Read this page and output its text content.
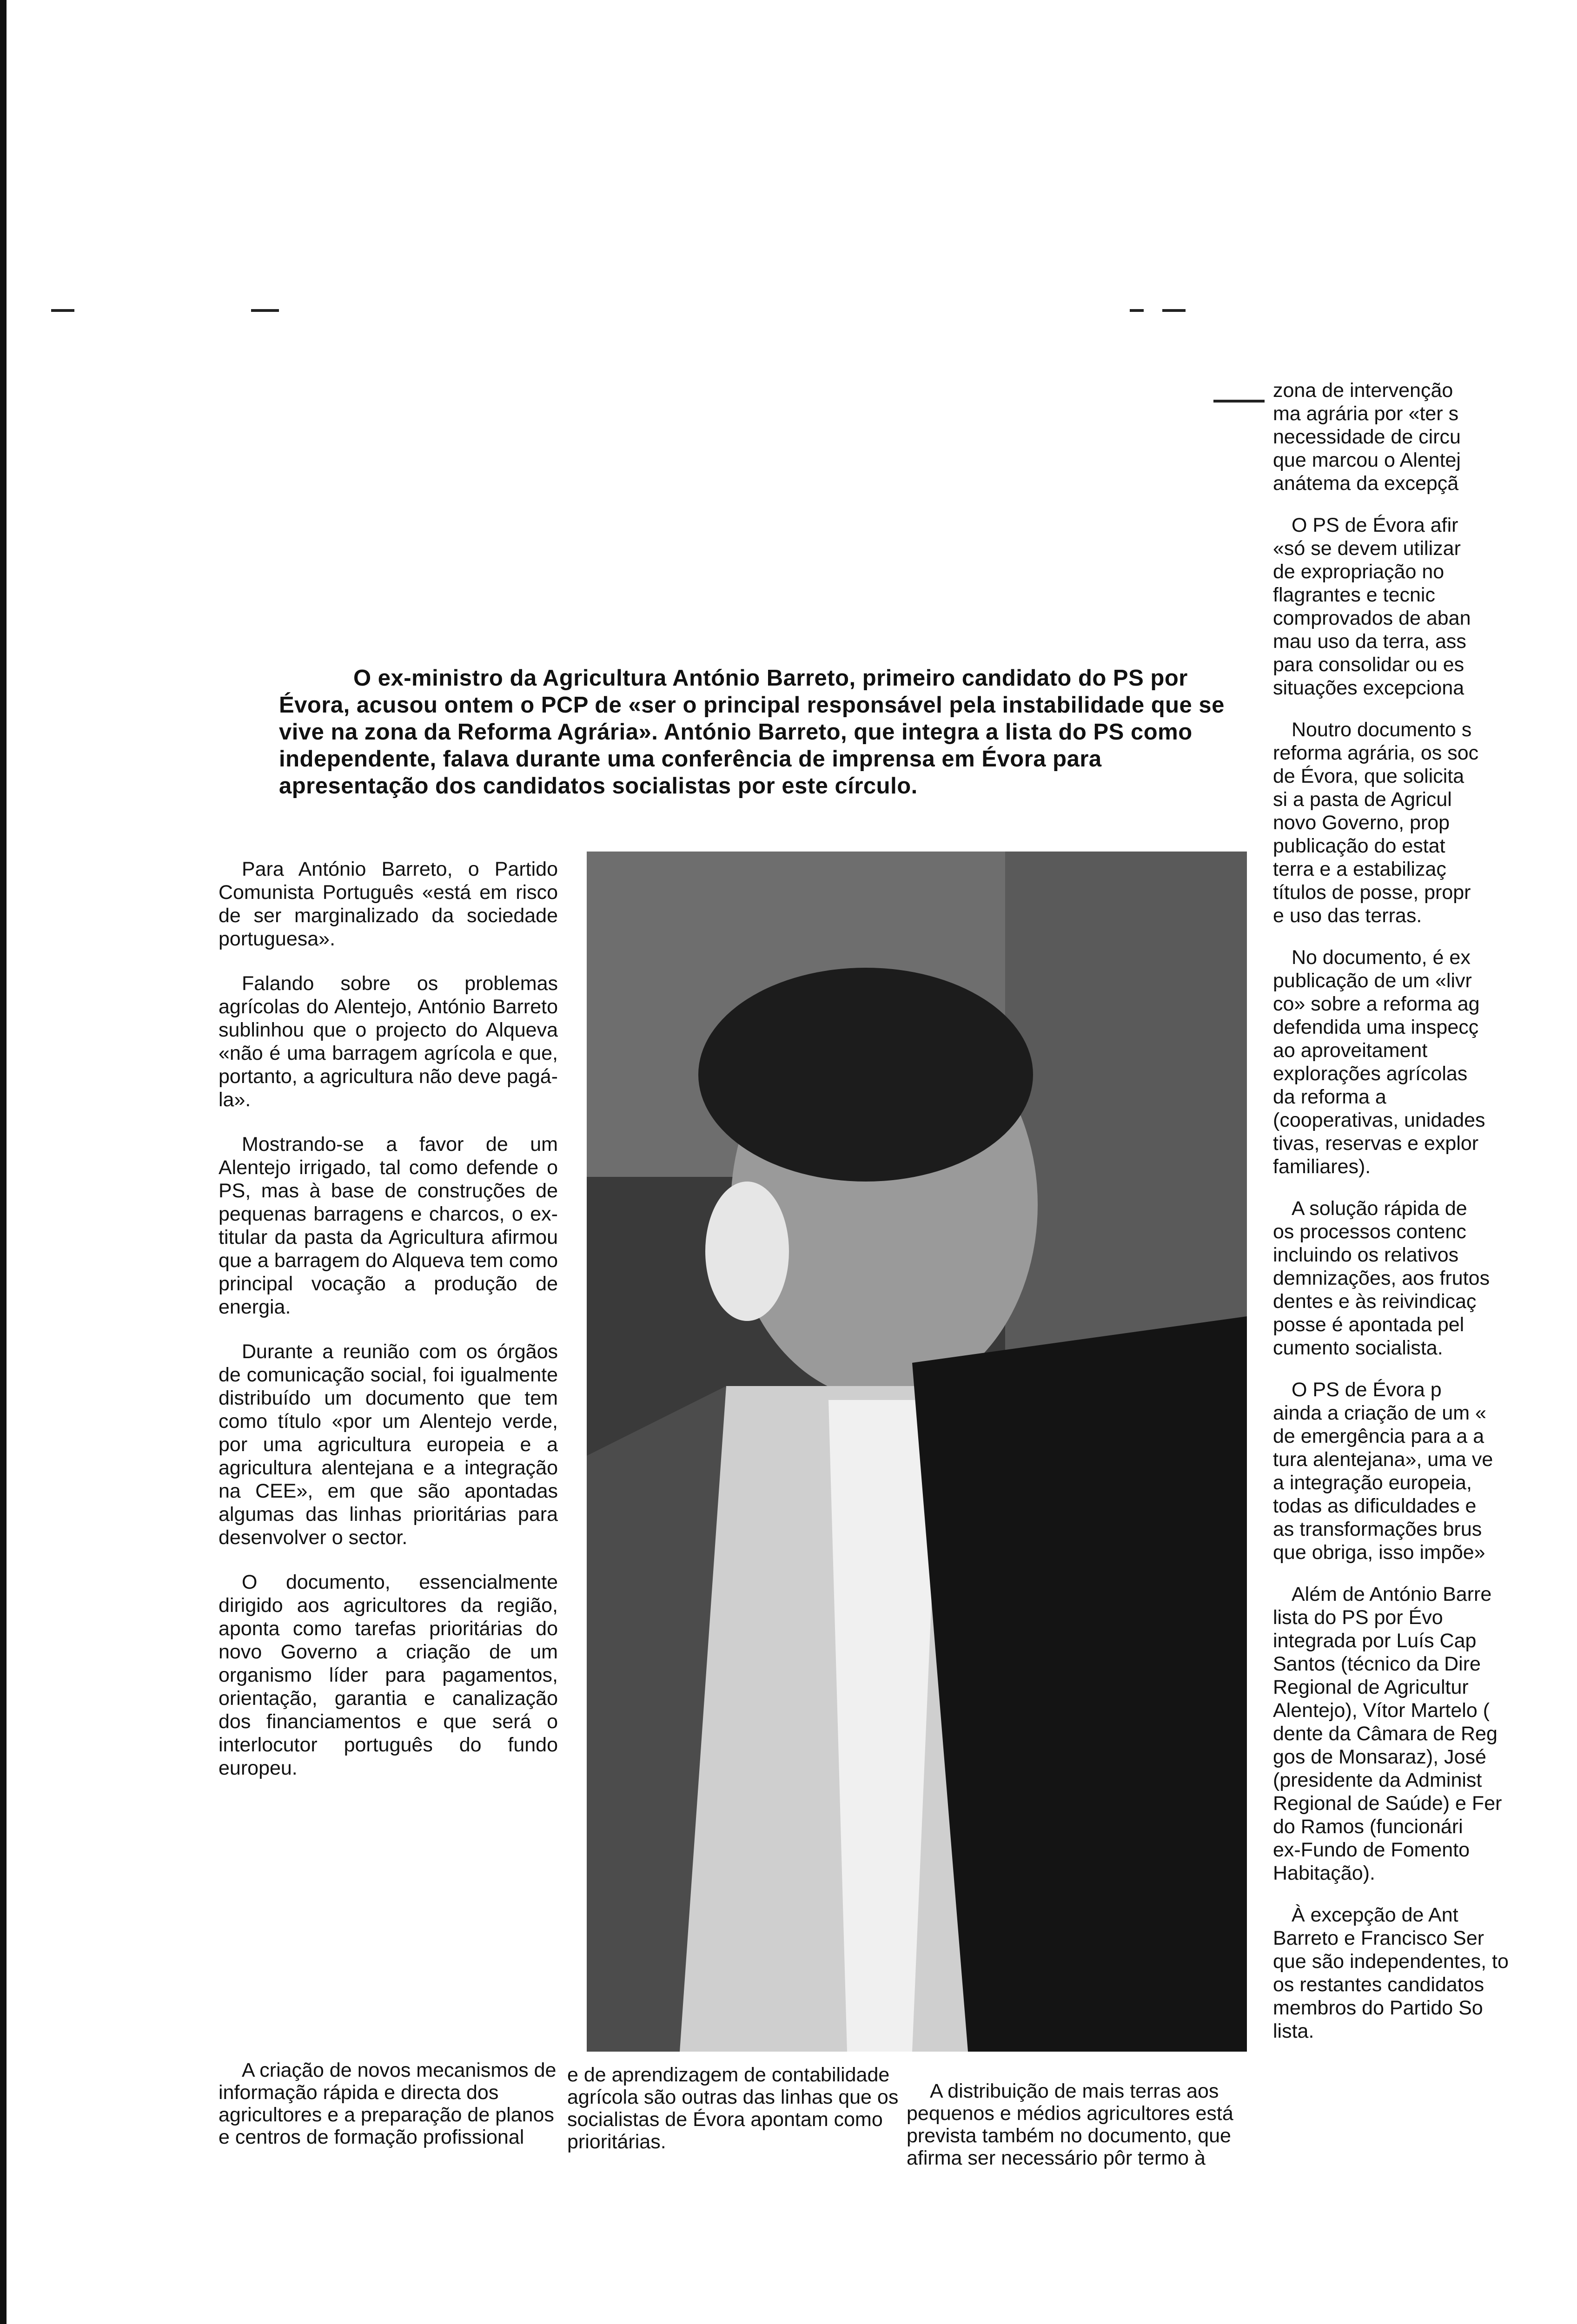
O ex-ministro da Agricultura António Barreto, primeiro candidato do PS por Évora, acusou ontem o PCP de «ser o principal responsável pela instabilidade que se vive na zona da Reforma Agrária». António Barreto, que integra a lista do PS como independente, falava durante uma conferência de imprensa em Évora para apresentação dos candidatos socialistas por este círculo.

Para António Barreto, o Partido Comunista Português «está em risco de ser marginalizado da sociedade portuguesa».

Falando sobre os problemas agrícolas do Alentejo, António Barreto sublinhou que o projecto do Alqueva «não é uma barragem agrícola e que, portanto, a agricultura não deve pagá-la».

Mostrando-se a favor de um Alentejo irrigado, tal como defende o PS, mas à base de construções de pequenas barragens e charcos, o ex-titular da pasta da Agricultura afirmou que a barragem do Alqueva tem como principal vocação a produção de energia.

Durante a reunião com os órgãos de comunicação social, foi igualmente distribuído um documento que tem como título «por um Alentejo verde, por uma agricultura europeia e a agricultura alentejana e a integração na CEE», em que são apontadas algumas das linhas prioritárias para desenvolver o sector.

O documento, essencialmente dirigido aos agricultores da região, aponta como tarefas prioritárias do novo Governo a criação de um organismo líder para pagamentos, orientação, garantia e canalização dos financiamentos e que será o interlocutor português do fundo europeu.

A criação de novos mecanismos de informação rápida e directa dos agricultores e a preparação de planos e centros de formação profissional

e de aprendizagem de contabilidade agrícola são outras das linhas que os socialistas de Évora apontam como prioritárias.

A distribuição de mais terras aos pequenos e médios agricultores está prevista também no documento, que afirma ser necessário pôr termo à

zona de intervenção
ma agrária por «ter s
necessidade de circu
que marcou o Alentej
anátema da excepçã

O PS de Évora afir
«só se devem utilizar
de expropriação no
flagrantes e tecnic
comprovados de aban
mau uso da terra, ass
para consolidar ou es
situações excepciona

Noutro documento s
reforma agrária, os soc
de Évora, que solicita
si a pasta de Agricul
novo Governo, prop
publicação do estat
terra e a estabilizaç
títulos de posse, propr
e uso das terras.

No documento, é ex
publicação de um «livr
co» sobre a reforma ag
defendida uma inspecç
ao aproveitament
explorações agrícolas
da reforma a
(cooperativas, unidades
tivas, reservas e explor
familiares).

A solução rápida de
os processos contenc
incluindo os relativos
demnizações, aos frutos
dentes e às reivindicaç
posse é apontada pel
cumento socialista.

O PS de Évora p
ainda a criação de um «
de emergência para a a
tura alentejana», uma ve
a integração europeia,
todas as dificuldades e
as transformações brus
que obriga, isso impõe»

Além de António Barre
lista do PS por Évo
integrada por Luís Cap
Santos (técnico da Dire
Regional de Agricultur
Alentejo), Vítor Martelo (
dente da Câmara de Reg
gos de Monsaraz), José
(presidente da Administ
Regional de Saúde) e Fer
do Ramos (funcionári
ex-Fundo de Fomento
Habitação).

À excepção de Ant
Barreto e Francisco Ser
que são independentes, to
os restantes candidatos
membros do Partido So
lista.
